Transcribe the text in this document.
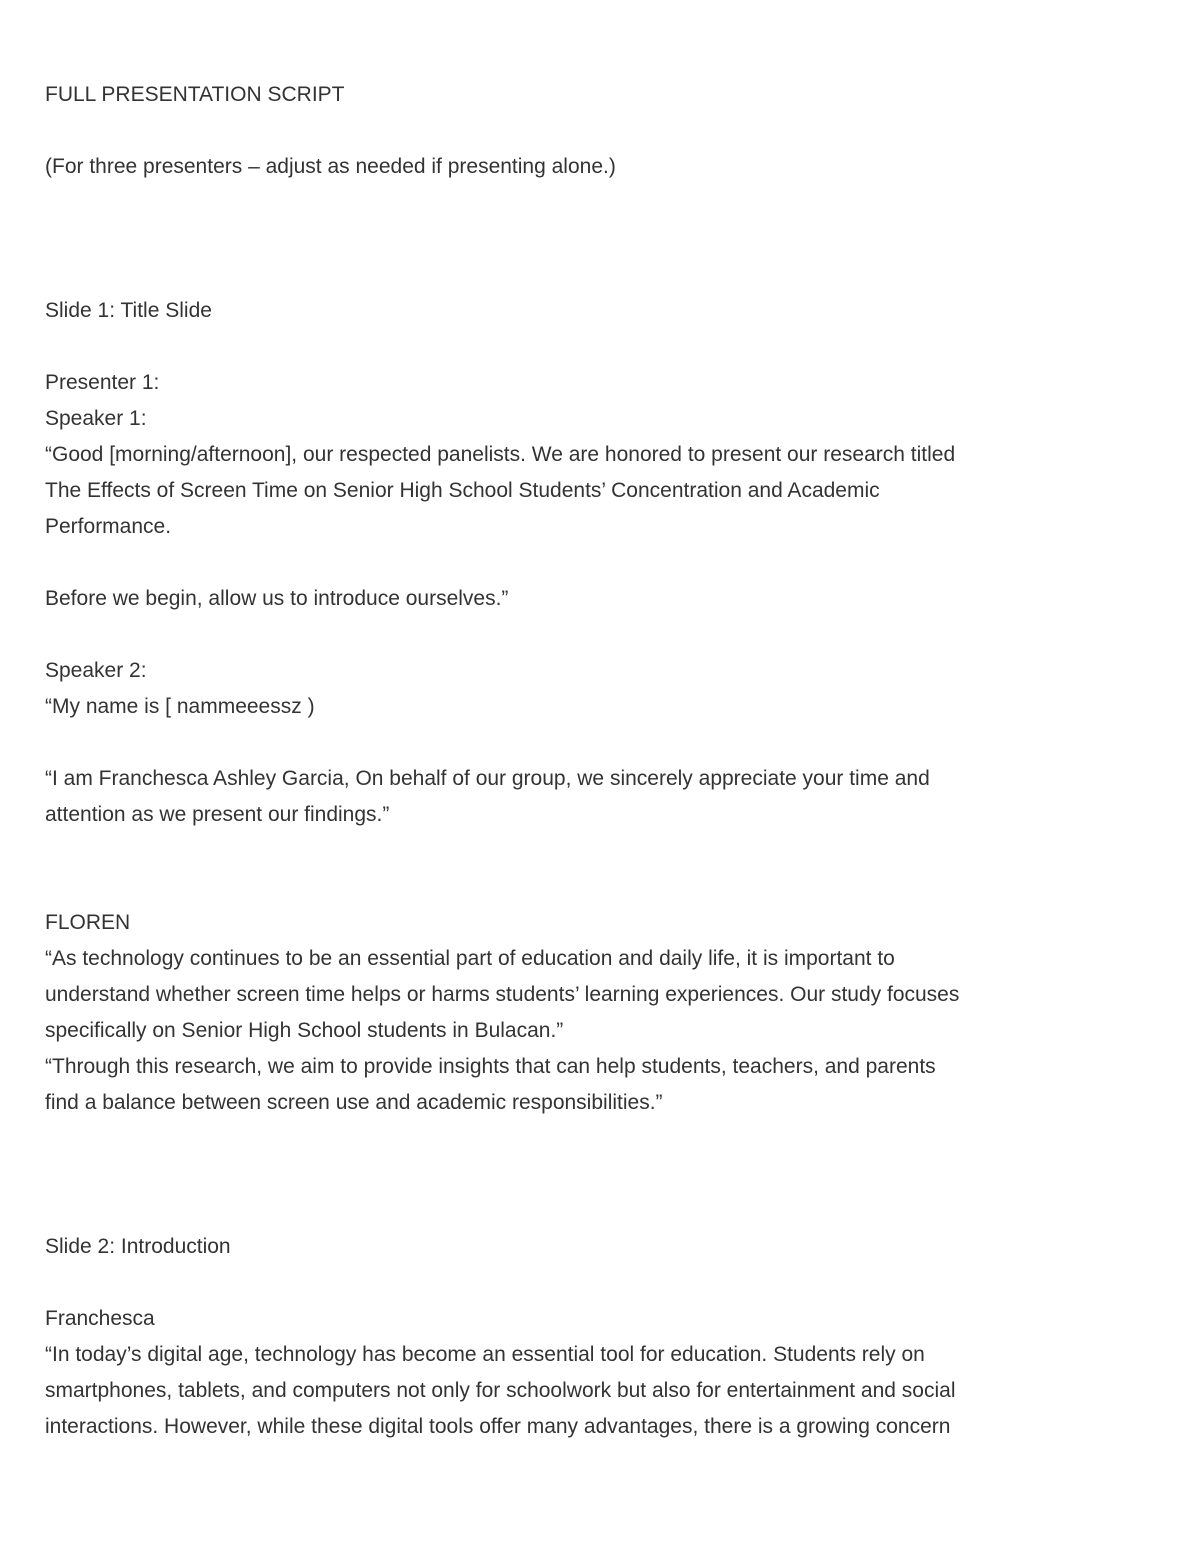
FULL PRESENTATION SCRIPT
(For three presenters – adjust as needed if presenting alone.)
Slide 1: Title Slide
Presenter 1:
Speaker 1:
“Good [morning/afternoon], our respected panelists. We are honored to present our research titled
The Effects of Screen Time on Senior High School Students’ Concentration and Academic
Performance.
Before we begin, allow us to introduce ourselves.”
Speaker 2:
“My name is [ nammeeessz )
“I am Franchesca Ashley Garcia, On behalf of our group, we sincerely appreciate your time and
attention as we present our findings.”
FLOREN
“As technology continues to be an essential part of education and daily life, it is important to
understand whether screen time helps or harms students’ learning experiences. Our study focuses
specifically on Senior High School students in Bulacan.”
“Through this research, we aim to provide insights that can help students, teachers, and parents
find a balance between screen use and academic responsibilities.”
Slide 2: Introduction
Franchesca
“In today’s digital age, technology has become an essential tool for education. Students rely on
smartphones, tablets, and computers not only for schoolwork but also for entertainment and social
interactions. However, while these digital tools offer many advantages, there is a growing concern
